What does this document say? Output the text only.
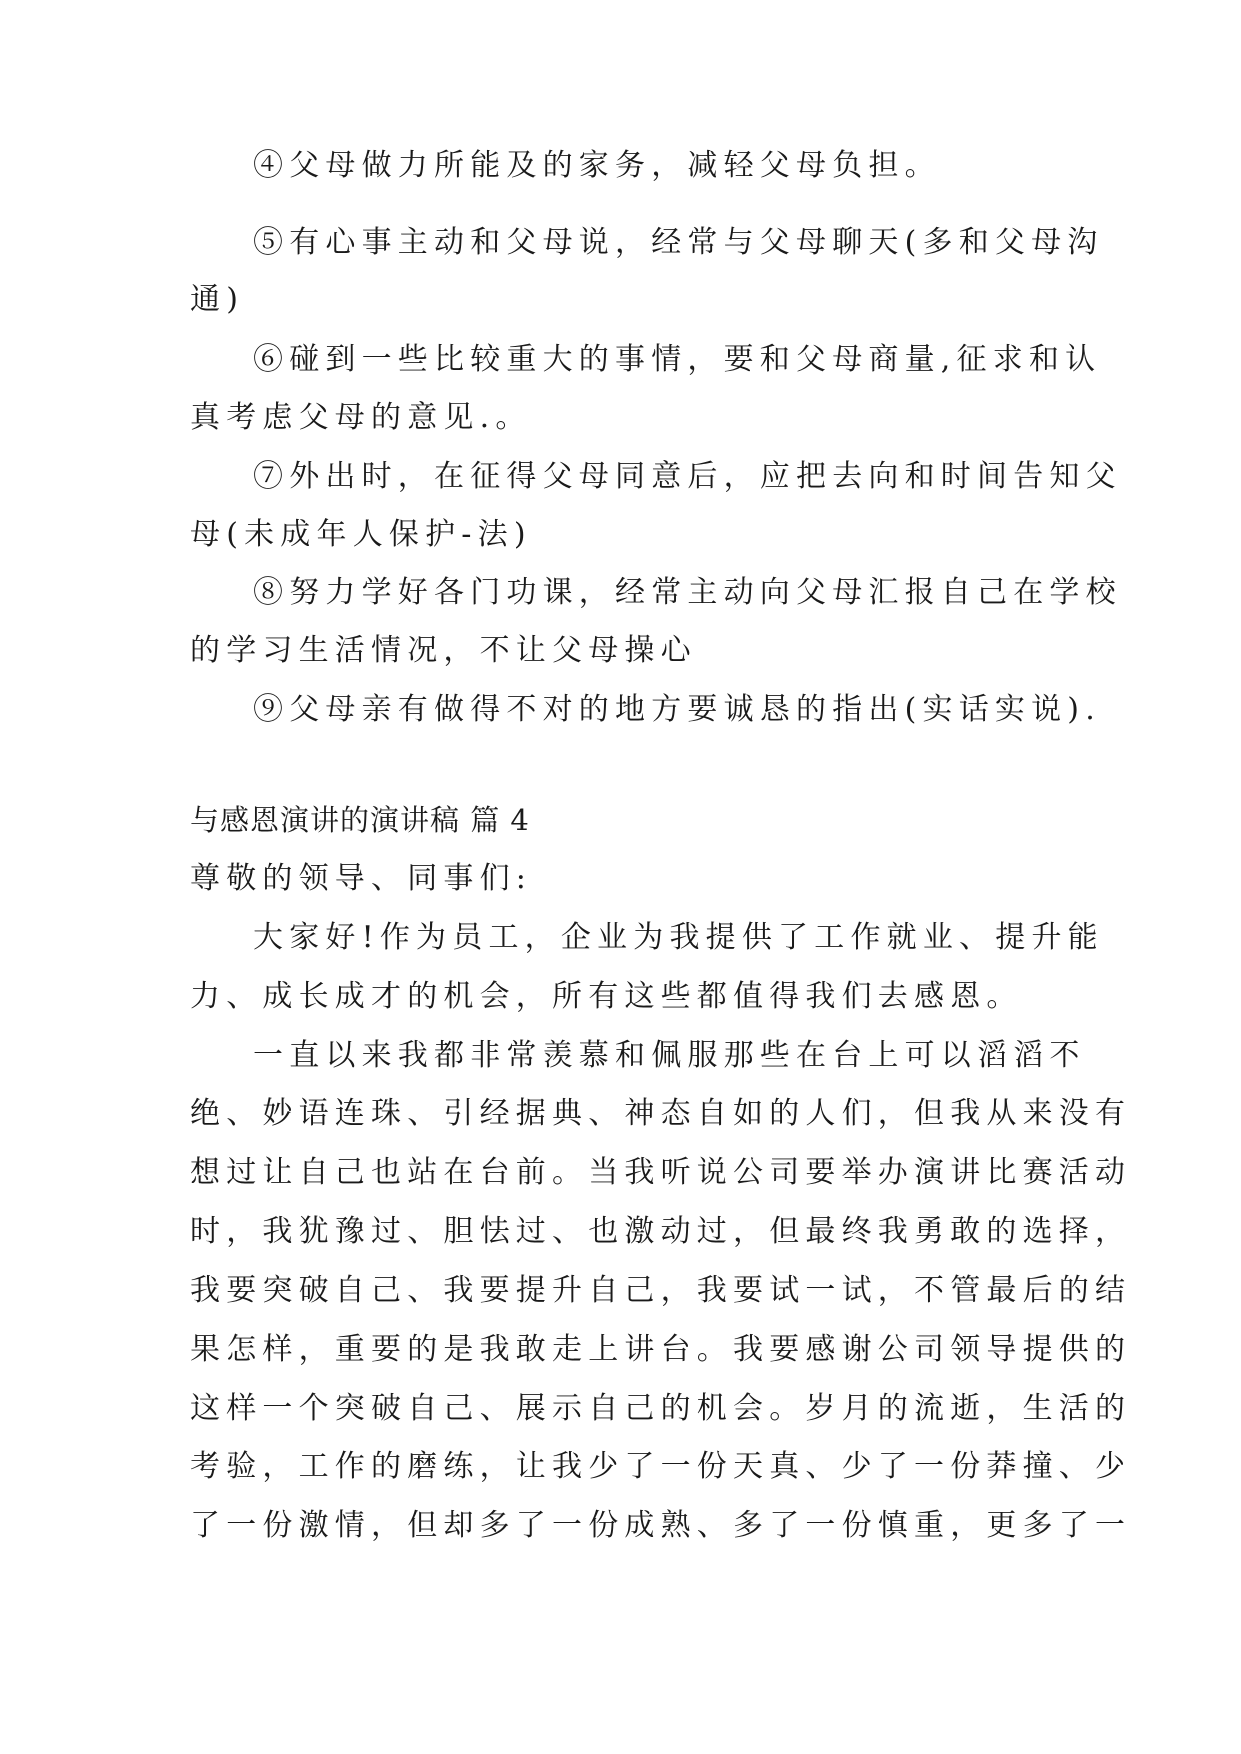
④父母做力所能及的家务，减轻父母负担。
⑤有心事主动和父母说，经常与父母聊天(多和父母沟
通)
⑥碰到一些比较重大的事情，要和父母商量,征求和认
真考虑父母的意见.。
⑦外出时，在征得父母同意后，应把去向和时间告知父
母(未成年人保护-法)
⑧努力学好各门功课，经常主动向父母汇报自己在学校
的学习生活情况，不让父母操心
⑨父母亲有做得不对的地方要诚恳的指出(实话实说).
与感恩演讲的演讲稿 篇 4
尊敬的领导、同事们:
大家好!作为员工，企业为我提供了工作就业、提升能
力、成长成才的机会，所有这些都值得我们去感恩。
一直以来我都非常羡慕和佩服那些在台上可以滔滔不
绝、妙语连珠、引经据典、神态自如的人们，但我从来没有
想过让自己也站在台前。当我听说公司要举办演讲比赛活动
时，我犹豫过、胆怯过、也激动过，但最终我勇敢的选择，
我要突破自己、我要提升自己，我要试一试，不管最后的结
果怎样，重要的是我敢走上讲台。我要感谢公司领导提供的
这样一个突破自己、展示自己的机会。岁月的流逝，生活的
考验，工作的磨练，让我少了一份天真、少了一份莽撞、少
了一份激情，但却多了一份成熟、多了一份慎重，更多了一
